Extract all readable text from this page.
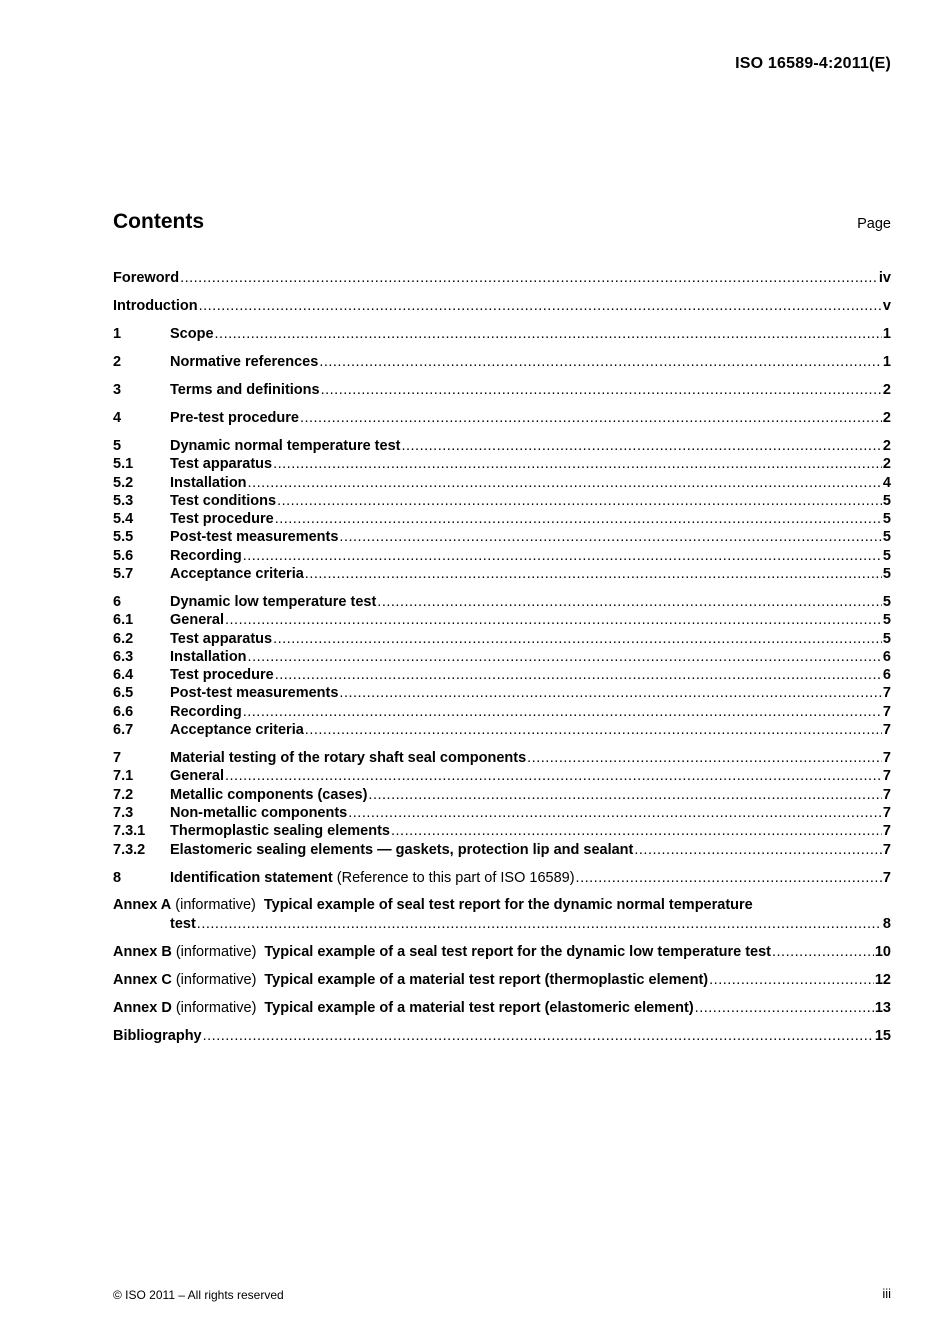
ISO 16589-4:2011(E)
Contents	Page
Foreword .....	iv
Introduction .....	v
1	Scope .....	1
2	Normative references .....	1
3	Terms and definitions .....	2
4	Pre-test procedure .....	2
5	Dynamic normal temperature test .....	2
5.1	Test apparatus .....	2
5.2	Installation .....	4
5.3	Test conditions .....	5
5.4	Test procedure .....	5
5.5	Post-test measurements .....	5
5.6	Recording .....	5
5.7	Acceptance criteria .....	5
6	Dynamic low temperature test .....	5
6.1	General .....	5
6.2	Test apparatus .....	5
6.3	Installation .....	6
6.4	Test procedure .....	6
6.5	Post-test measurements .....	7
6.6	Recording .....	7
6.7	Acceptance criteria .....	7
7	Material testing of the rotary shaft seal components .....	7
7.1	General .....	7
7.2	Metallic components (cases) .....	7
7.3	Non-metallic components .....	7
7.3.1	Thermoplastic sealing elements .....	7
7.3.2	Elastomeric sealing elements — gaskets, protection lip and sealant .....	7
8	Identification statement (Reference to this part of ISO 16589) .....	7
Annex A (informative) Typical example of seal test report for the dynamic normal temperature
test .....	8
Annex B (informative) Typical example of a seal test report for the dynamic low temperature test .....	10
Annex C (informative) Typical example of a material test report (thermoplastic element) .....	12
Annex D (informative) Typical example of a material test report (elastomeric element) .....	13
Bibliography .....	15
© ISO 2011 – All rights reserved	iii
